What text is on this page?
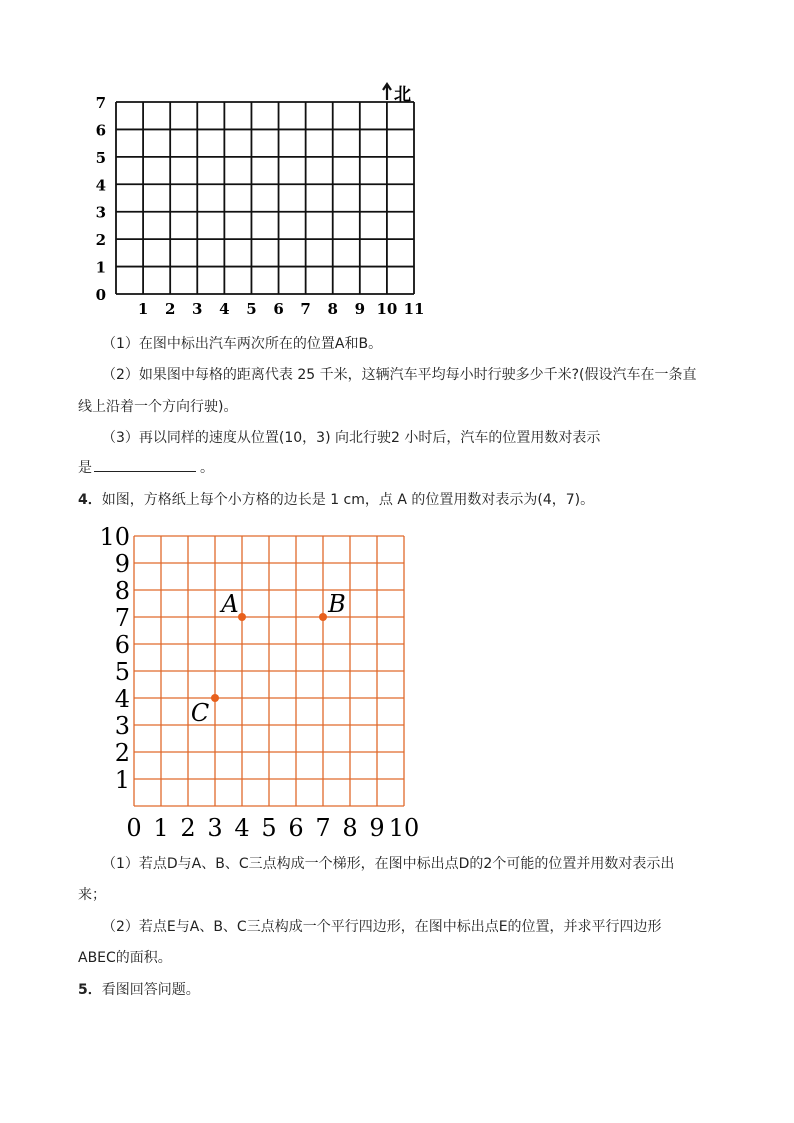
0
1
2
3
4
5
6
7
1 2 3 4 5 6 7 8 9 10 11
北
（1）在图中标出汽车两次所在的位置A和B。
（2）如果图中每格的距离代表 25 千米，这辆汽车平均每小时行驶多少千米?(假设汽车在一条直
线上沿着一个方向行驶)。
（3）再以同样的速度从位置(10，3) 向北行驶2 小时后，汽车的位置用数对表示
是	。
4．如图，方格纸上每个小方格的边长是 1 cm，点 A 的位置用数对表示为(4，7)。
1
2
3
4
5
6
7
8
9
10
0 1 2 3 4 5 6 7 8 9 10
A	B
C
（1）若点D与A、B、C三点构成一个梯形，在图中标出点D的2个可能的位置并用数对表示出
来；
（2）若点E与A、B、C三点构成一个平行四边形，在图中标出点E的位置，并求平行四边形
ABEC的面积。
5．看图回答问题。
